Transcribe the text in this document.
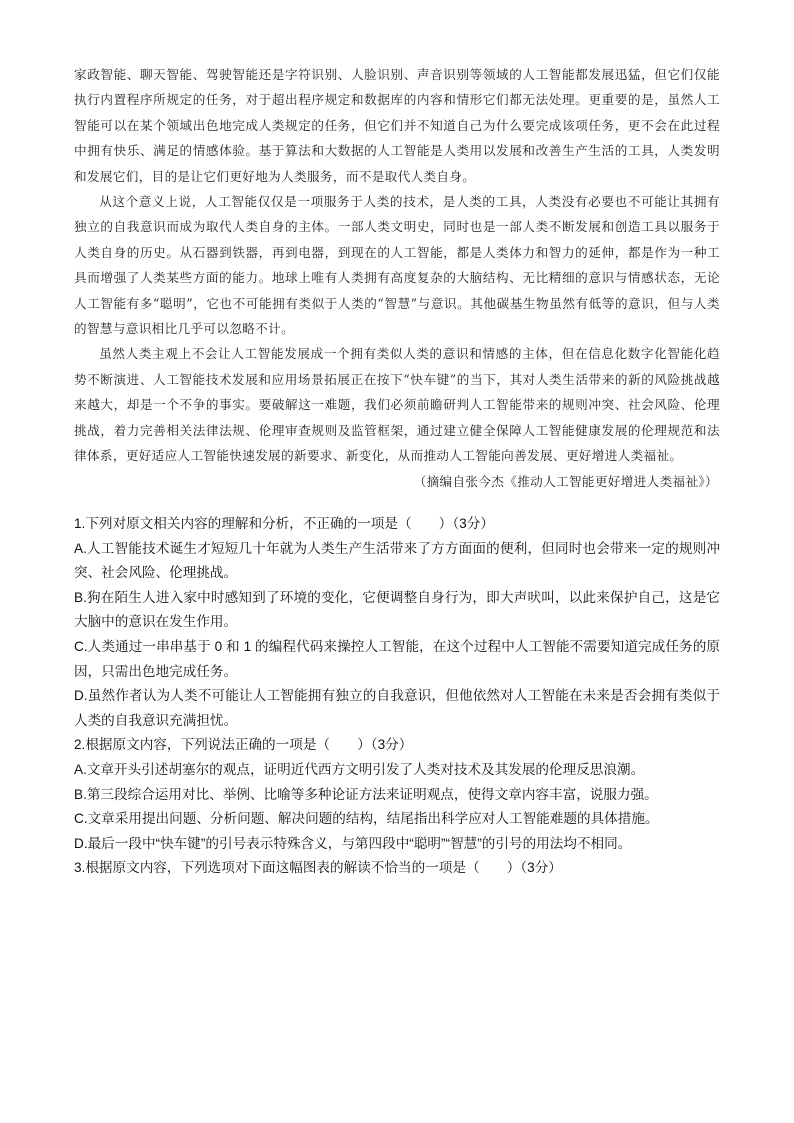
家政智能、聊天智能、驾驶智能还是字符识别、人脸识别、声音识别等领域的人工智能都发展迅猛，但它们仅能执行内置程序所规定的任务，对于超出程序规定和数据库的内容和情形它们都无法处理。更重要的是，虽然人工智能可以在某个领域出色地完成人类规定的任务，但它们并不知道自己为什么要完成该项任务，更不会在此过程中拥有快乐、满足的情感体验。基于算法和大数据的人工智能是人类用以发展和改善生产生活的工具，人类发明和发展它们，目的是让它们更好地为人类服务，而不是取代人类自身。

从这个意义上说，人工智能仅仅是一项服务于人类的技术，是人类的工具，人类没有必要也不可能让其拥有独立的自我意识而成为取代人类自身的主体。一部人类文明史，同时也是一部人类不断发展和创造工具以服务于人类自身的历史。从石器到铁器，再到电器，到现在的人工智能，都是人类体力和智力的延伸，都是作为一种工具而增强了人类某些方面的能力。地球上唯有人类拥有高度复杂的大脑结构、无比精细的意识与情感状态，无论人工智能有多“聪明”，它也不可能拥有类似于人类的“智慧”与意识。其他碳基生物虽然有低等的意识，但与人类的智慧与意识相比几乎可以忽略不计。

虽然人类主观上不会让人工智能发展成一个拥有类似人类的意识和情感的主体，但在信息化数字化智能化趋势不断演进、人工智能技术发展和应用场景拓展正在按下“快车键”的当下，其对人类生活带来的新的风险挑战越来越大，却是一个不争的事实。要破解这一难题，我们必须前瞻研判人工智能带来的规则冲突、社会风险、伦理挑战，着力完善相关法律法规、伦理审查规则及监管框架，通过建立健全保障人工智能健康发展的伦理规范和法律体系，更好适应人工智能快速发展的新要求、新变化，从而推动人工智能向善发展、更好增进人类福祉。

（摘编自张今杰《推动人工智能更好增进人类福祉》）

1.下列对原文相关内容的理解和分析，不正确的一项是（　　）（3分）

A.人工智能技术诞生才短短几十年就为人类生产生活带来了方方面面的便利，但同时也会带来一定的规则冲突、社会风险、伦理挑战。

B.狗在陌生人进入家中时感知到了环境的变化，它便调整自身行为，即大声吠叫，以此来保护自己，这是它大脑中的意识在发生作用。

C.人类通过一串串基于 0 和 1 的编程代码来操控人工智能，在这个过程中人工智能不需要知道完成任务的原因，只需出色地完成任务。

D.虽然作者认为人类不可能让人工智能拥有独立的自我意识，但他依然对人工智能在未来是否会拥有类似于人类的自我意识充满担忧。

2.根据原文内容，下列说法正确的一项是（　　）（3分）

A.文章开头引述胡塞尔的观点，证明近代西方文明引发了人类对技术及其发展的伦理反思浪潮。

B.第三段综合运用对比、举例、比喻等多种论证方法来证明观点，使得文章内容丰富，说服力强。

C.文章采用提出问题、分析问题、解决问题的结构，结尾指出科学应对人工智能难题的具体措施。

D.最后一段中“快车键”的引号表示特殊含义，与第四段中“聪明”“智慧”的引号的用法均不相同。

3.根据原文内容，下列选项对下面这幅图表的解读不恰当的一项是（　　）（3分）
